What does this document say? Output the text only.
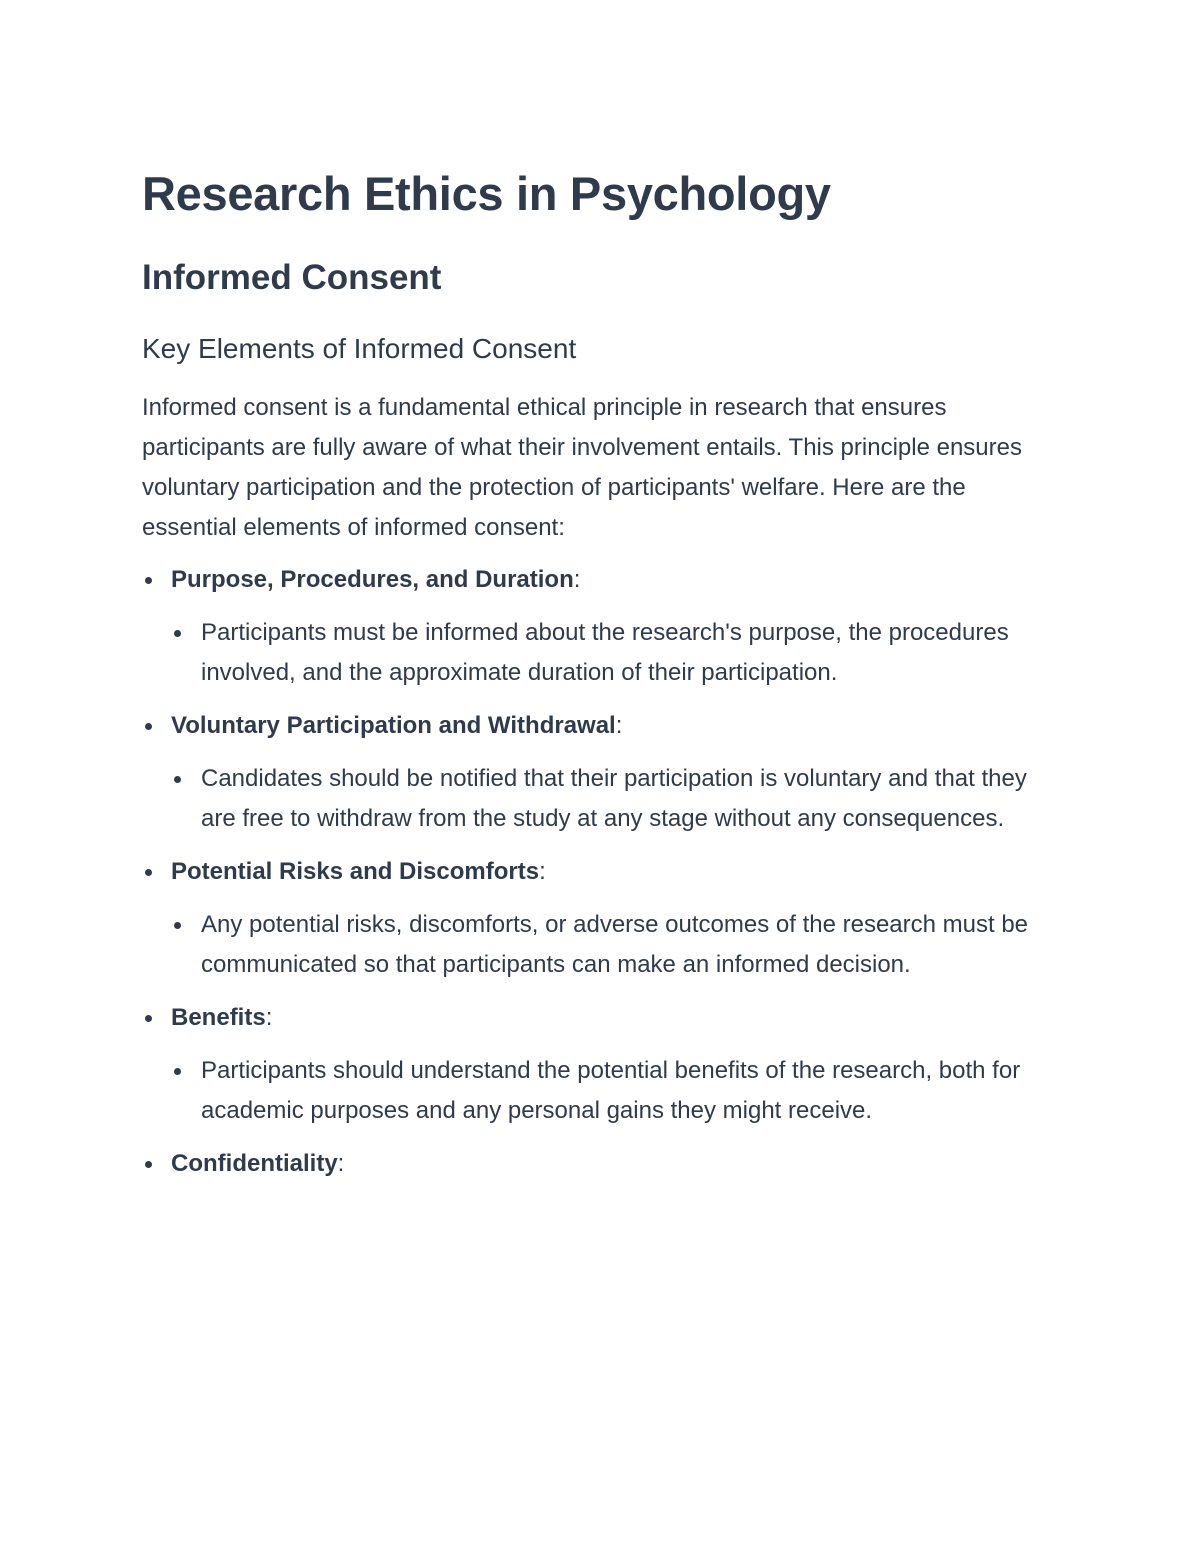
Research Ethics in Psychology
Informed Consent
Key Elements of Informed Consent

Informed consent is a fundamental ethical principle in research that ensures participants are fully aware of what their involvement entails. This principle ensures voluntary participation and the protection of participants' welfare. Here are the essential elements of informed consent:

Purpose, Procedures, and Duration:
Participants must be informed about the research's purpose, the procedures involved, and the approximate duration of their participation.
Voluntary Participation and Withdrawal:
Candidates should be notified that their participation is voluntary and that they are free to withdraw from the study at any stage without any consequences.
Potential Risks and Discomforts:
Any potential risks, discomforts, or adverse outcomes of the research must be communicated so that participants can make an informed decision.
Benefits:
Participants should understand the potential benefits of the research, both for academic purposes and any personal gains they might receive.
Confidentiality:
